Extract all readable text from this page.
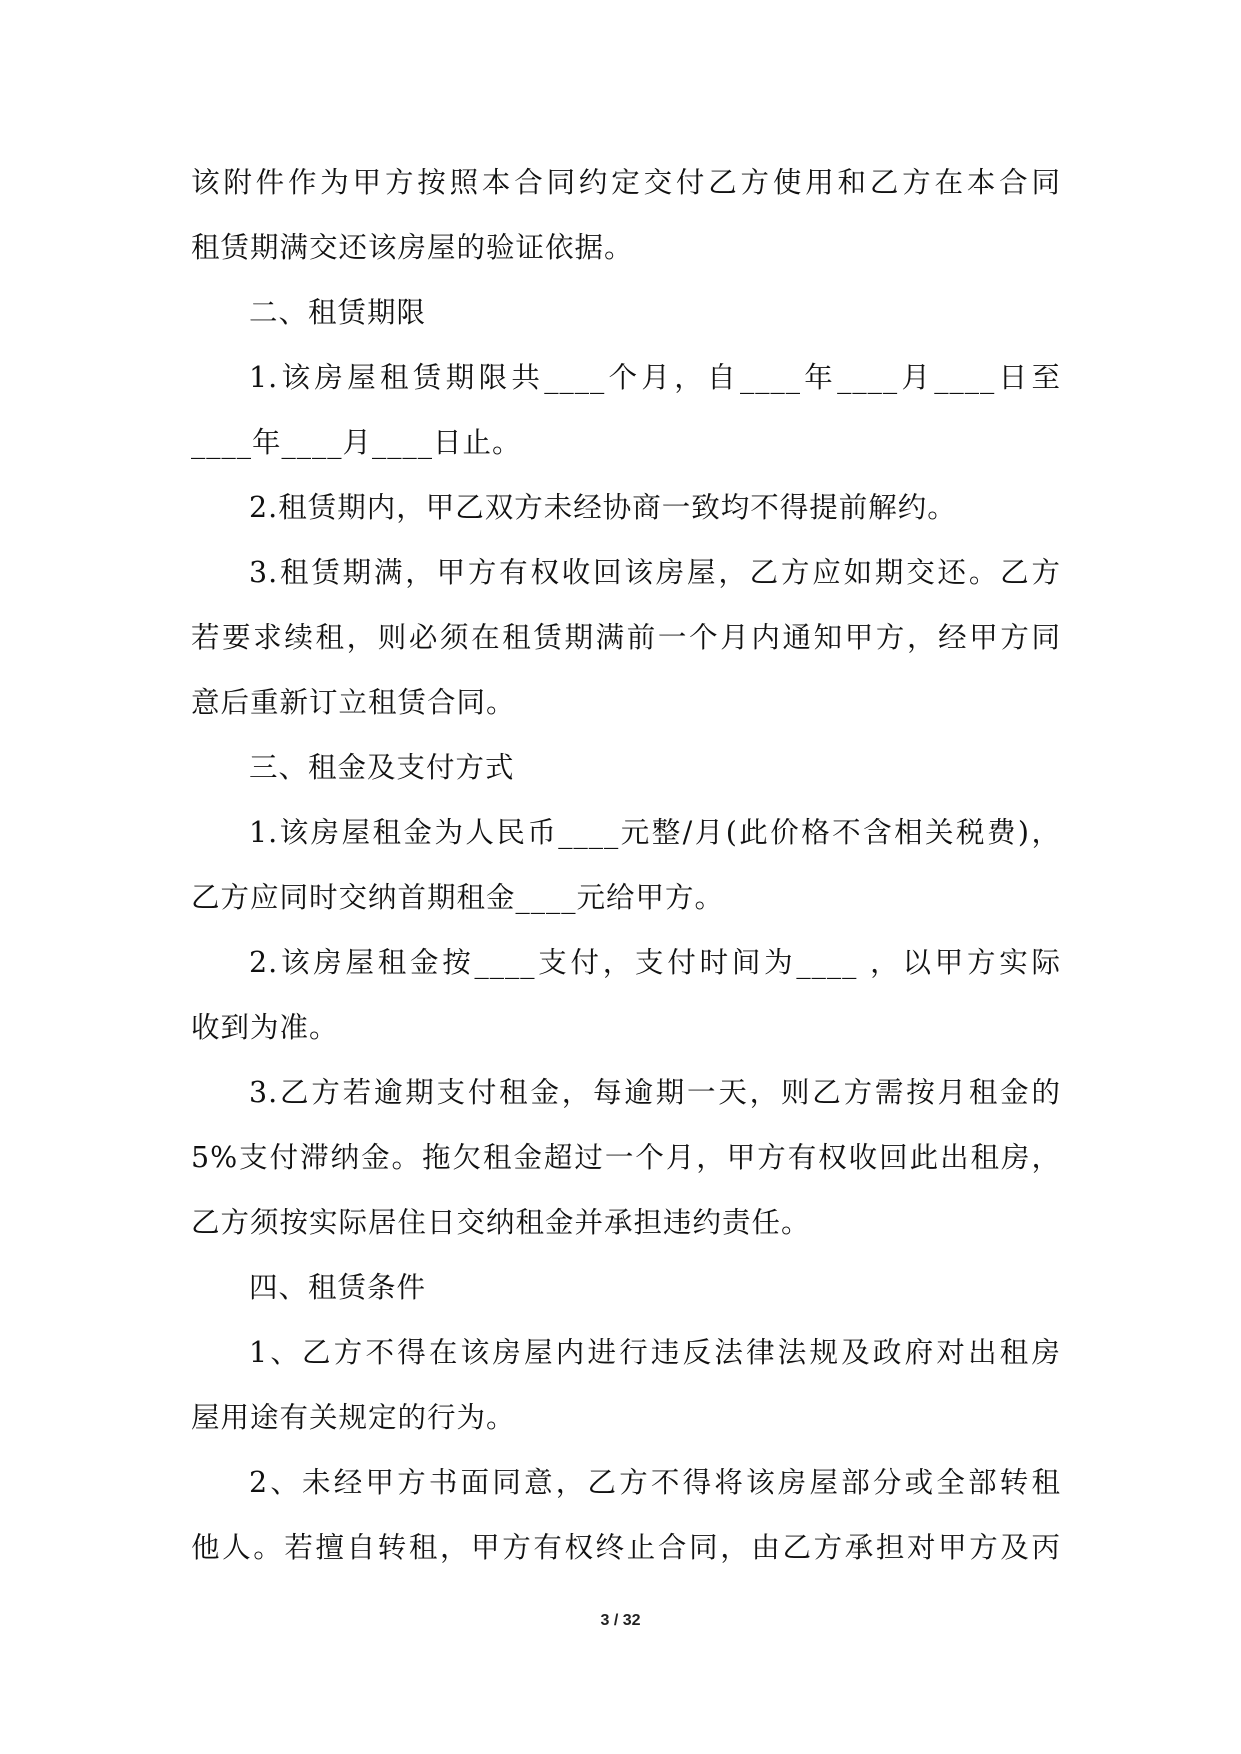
该附件作为甲方按照本合同约定交付乙方使用和乙方在本合同
租赁期满交还该房屋的验证依据。
二、租赁期限
1.该房屋租赁期限共____个月，自____年____月____日至
____年____月____日止。
2.租赁期内，甲乙双方未经协商一致均不得提前解约。
3.租赁期满，甲方有权收回该房屋，乙方应如期交还。乙方
若要求续租，则必须在租赁期满前一个月内通知甲方，经甲方同
意后重新订立租赁合同。
三、租金及支付方式
1.该房屋租金为人民币____元整/月(此价格不含相关税费)，
乙方应同时交纳首期租金____元给甲方。
2.该房屋租金按____支付，支付时间为____ ，以甲方实际
收到为准。
3.乙方若逾期支付租金，每逾期一天，则乙方需按月租金的
5%支付滞纳金。拖欠租金超过一个月，甲方有权收回此出租房，
乙方须按实际居住日交纳租金并承担违约责任。
四、租赁条件
1、乙方不得在该房屋内进行违反法律法规及政府对出租房
屋用途有关规定的行为。
2、未经甲方书面同意，乙方不得将该房屋部分或全部转租
他人。若擅自转租，甲方有权终止合同，由乙方承担对甲方及丙
3 / 32
